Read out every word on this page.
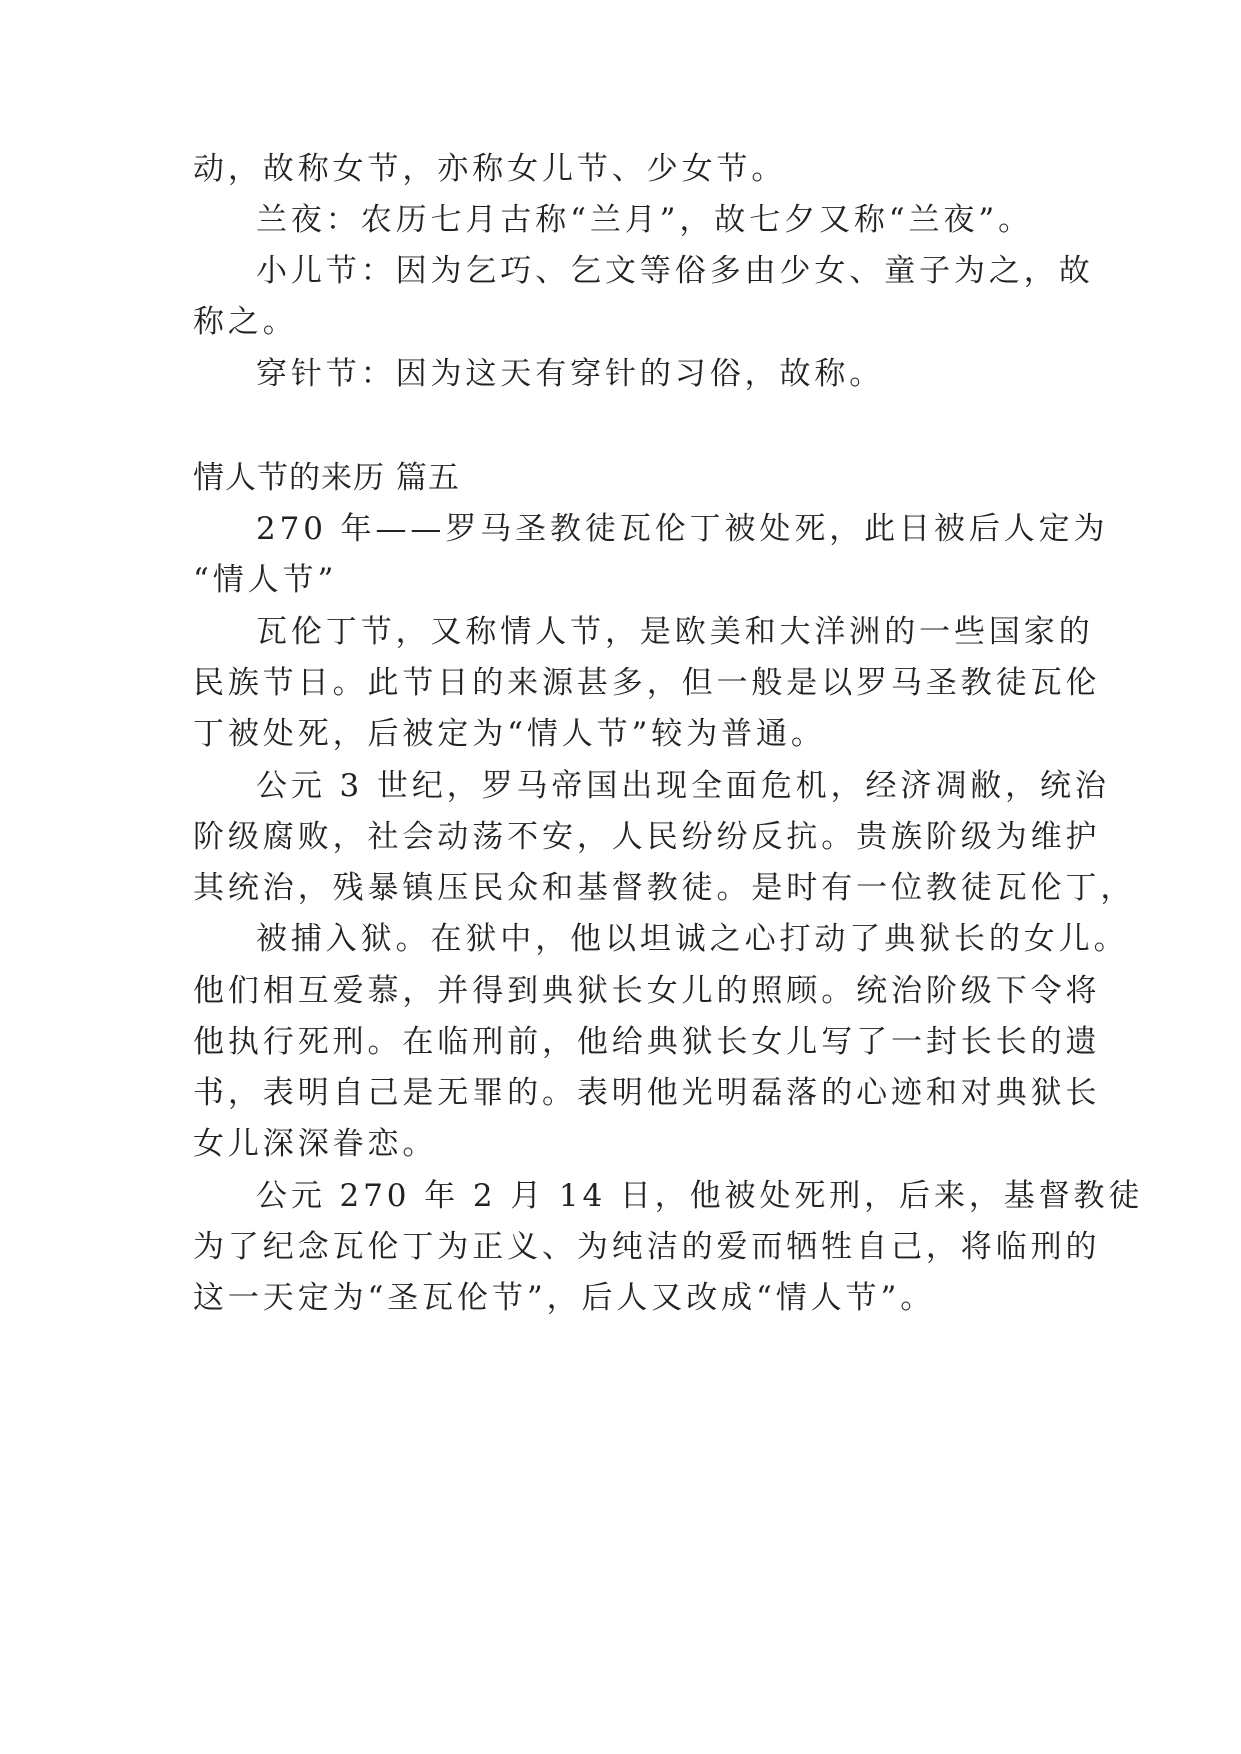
动，故称女节，亦称女儿节、少女节。

兰夜：农历七月古称“兰月”，故七夕又称“兰夜”。

小儿节：因为乞巧、乞文等俗多由少女、童子为之，故

称之。

穿针节：因为这天有穿针的习俗，故称。

情人节的来历 篇五

270 年——罗马圣教徒瓦伦丁被处死，此日被后人定为

“情人节”

瓦伦丁节，又称情人节，是欧美和大洋洲的一些国家的

民族节日。此节日的来源甚多，但一般是以罗马圣教徒瓦伦

丁被处死，后被定为“情人节”较为普通。

公元 3 世纪，罗马帝国出现全面危机，经济凋敝，统治

阶级腐败，社会动荡不安，人民纷纷反抗。贵族阶级为维护

其统治，残暴镇压民众和基督教徒。是时有一位教徒瓦伦丁，

被捕入狱。在狱中，他以坦诚之心打动了典狱长的女儿。

他们相互爱慕，并得到典狱长女儿的照顾。统治阶级下令将

他执行死刑。在临刑前，他给典狱长女儿写了一封长长的遗

书，表明自己是无罪的。表明他光明磊落的心迹和对典狱长

女儿深深眷恋。

公元 270 年 2 月 14 日，他被处死刑，后来，基督教徒

为了纪念瓦伦丁为正义、为纯洁的爱而牺牲自己，将临刑的

这一天定为“圣瓦伦节”，后人又改成“情人节”。
